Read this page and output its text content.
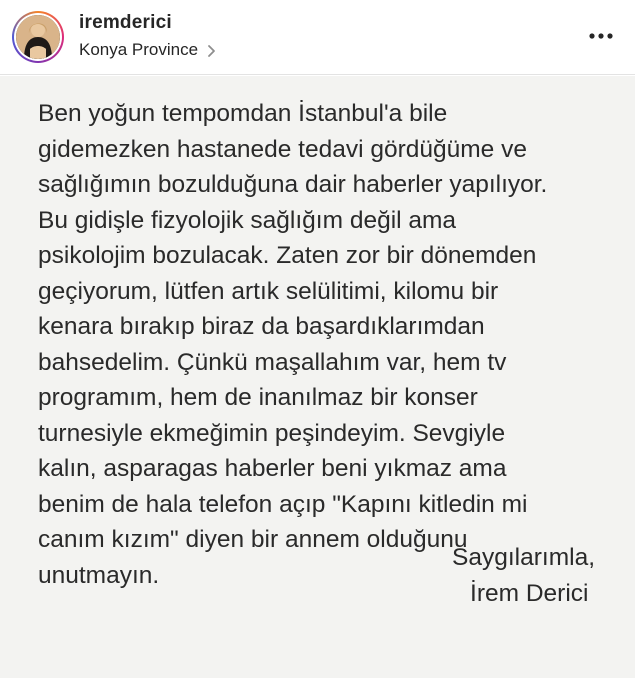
iremderici
Konya Province

Ben yoğun tempomdan İstanbul'a bile
gidemezken hastanede tedavi gördüğüme ve
sağlığımın bozulduğuna dair haberler yapılıyor.
Bu gidişle fizyolojik sağlığım değil ama
psikolojim bozulacak. Zaten zor bir dönemden
geçiyorum, lütfen artık selülitimi, kilomu bir
kenara bırakıp biraz da başardıklarımdan
bahsedelim. Çünkü maşallahım var, hem tv
programım, hem de inanılmaz bir konser
turnesiyle ekmeğimin peşindeyim. Sevgiyle
kalın, asparagas haberler beni yıkmaz ama
benim de hala telefon açıp "Kapını kitledin mi
canım kızım" diyen bir annem olduğunu
unutmayın.

Saygılarımla,
İrem Derici
